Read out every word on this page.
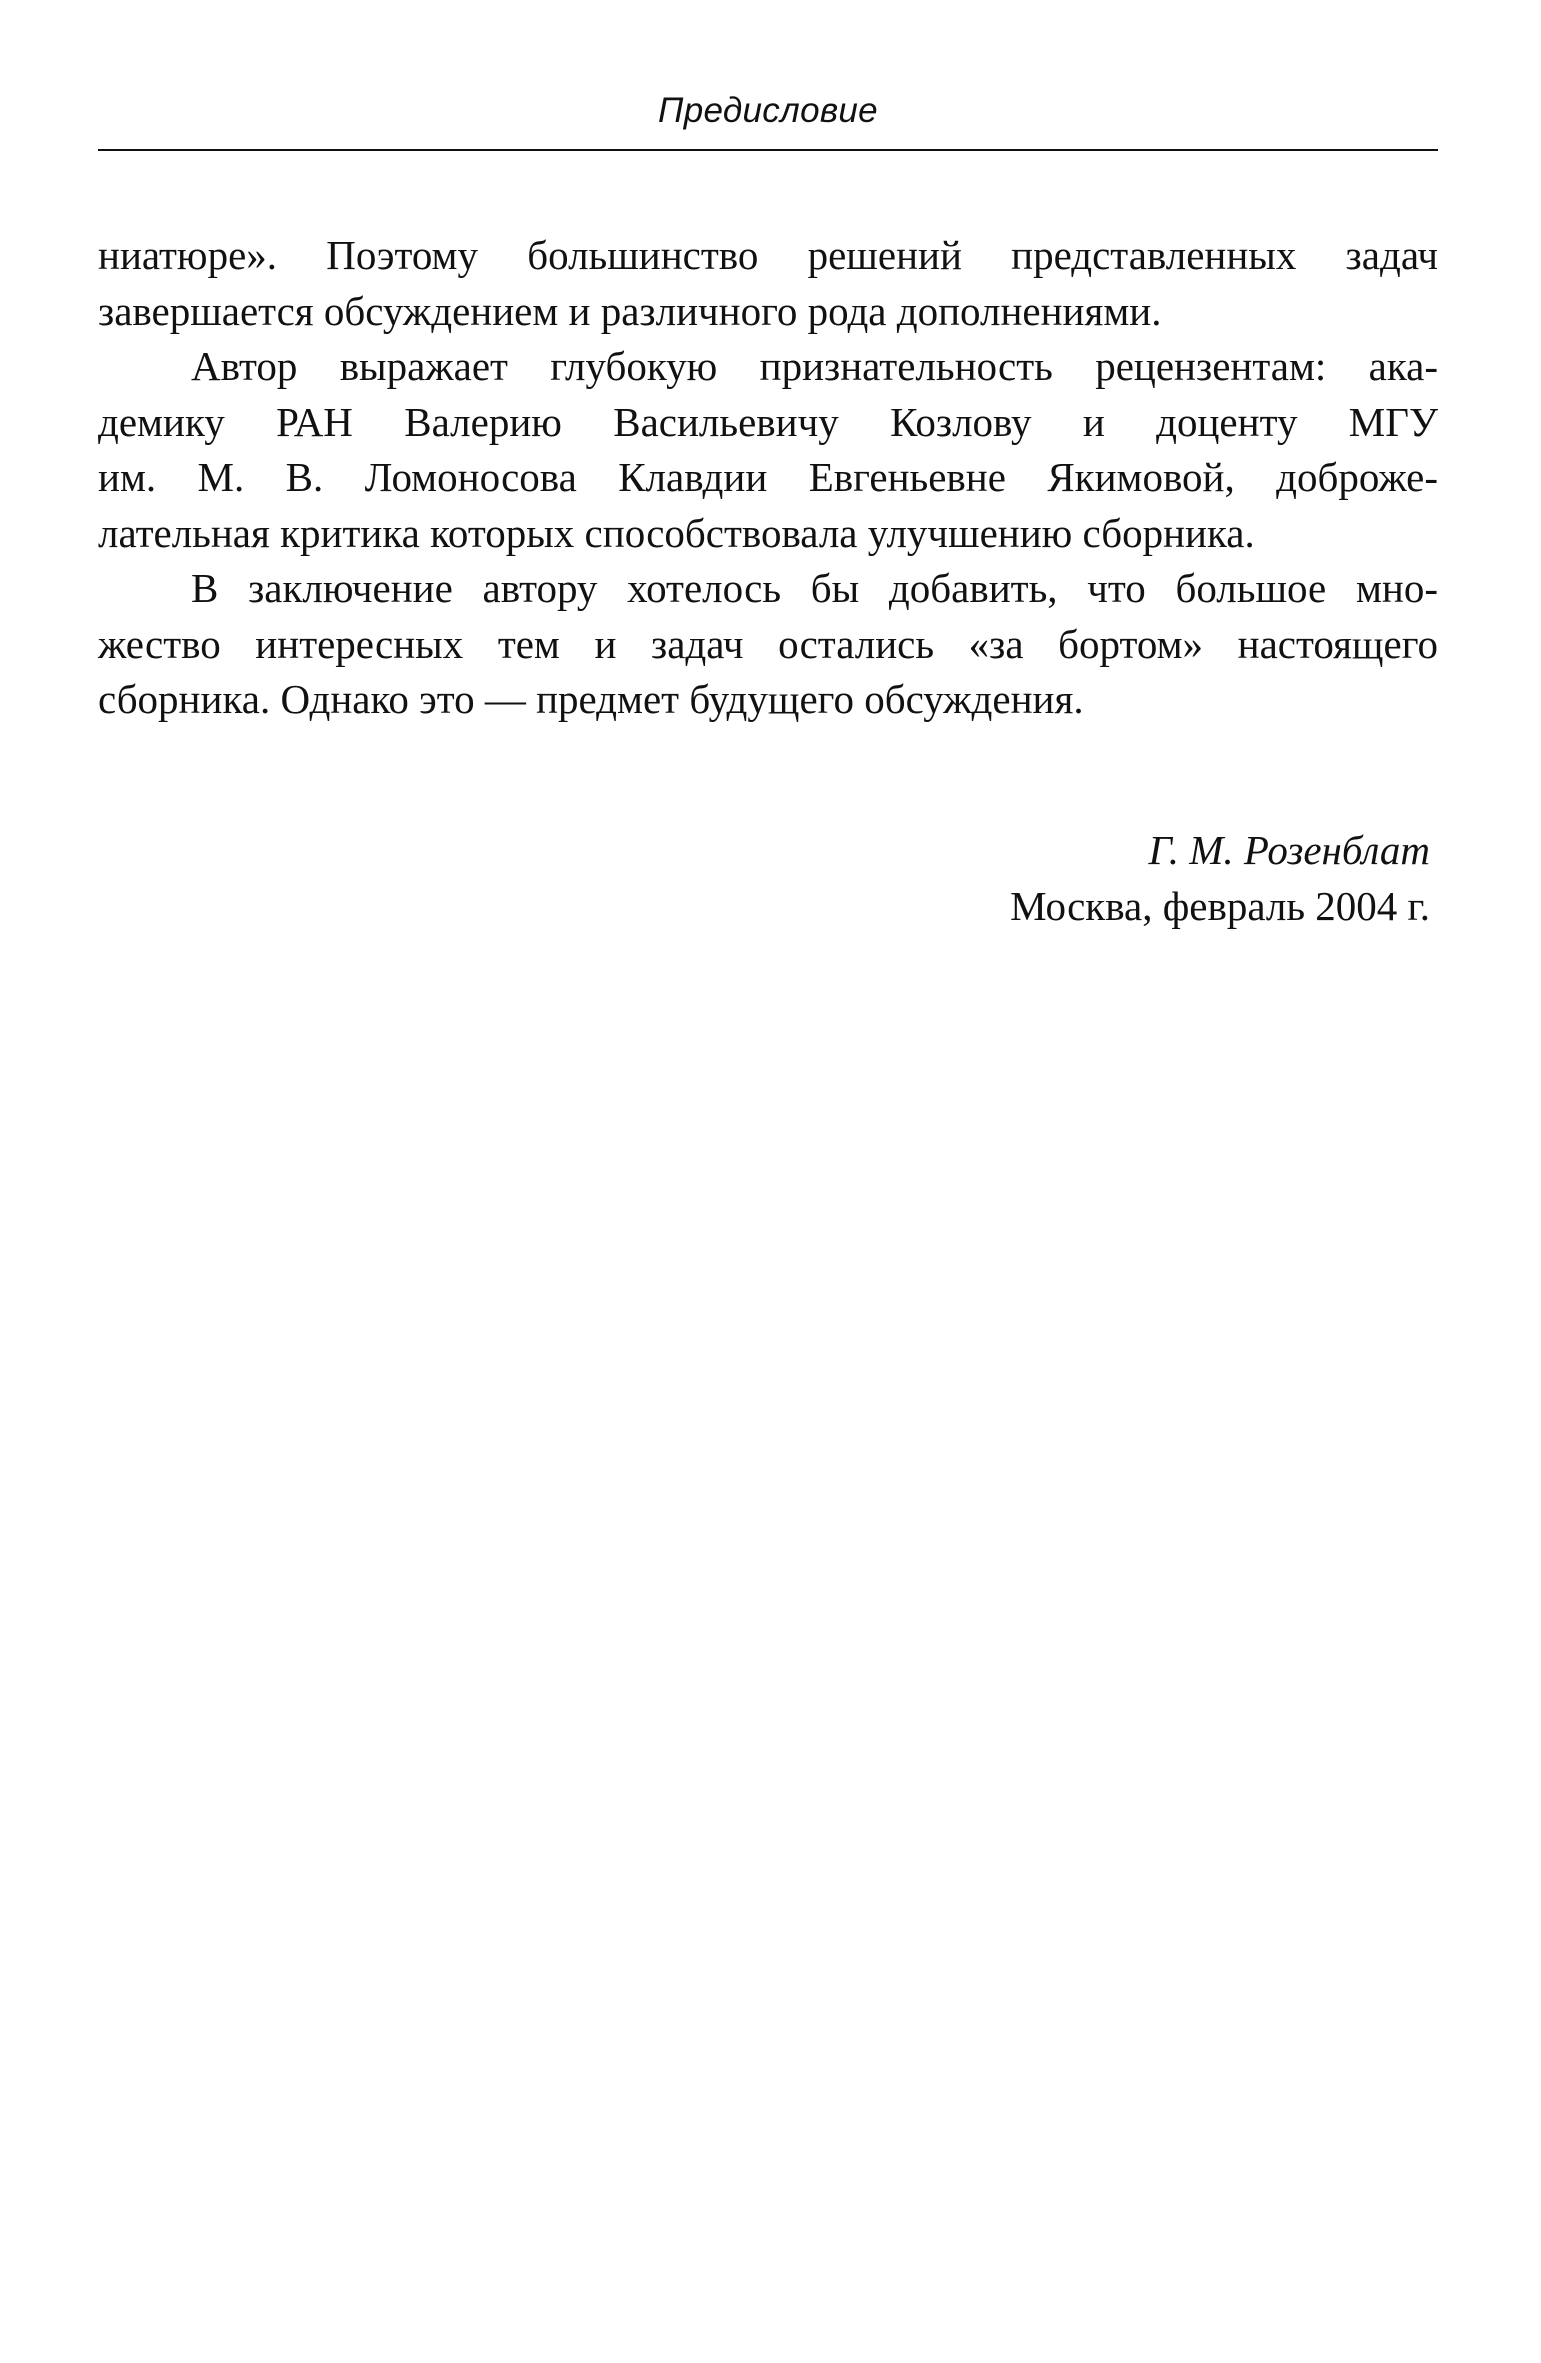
Предисловие
ниатюре». Поэтому большинство решений представленных задач
завершается обсуждением и различного рода дополнениями.
Автор выражает глубокую признательность рецензентам: ака-
демику РАН Валерию Васильевичу Козлову и доценту МГУ
им. М. В. Ломоносова Клавдии Евгеньевне Якимовой, доброже-
лательная критика которых способствовала улучшению сборника.
В заключение автору хотелось бы добавить, что большое мно-
жество интересных тем и задач остались «за бортом» настоящего
сборника. Однако это — предмет будущего обсуждения.
Г. М. Розенблат
Москва, февраль 2004 г.
